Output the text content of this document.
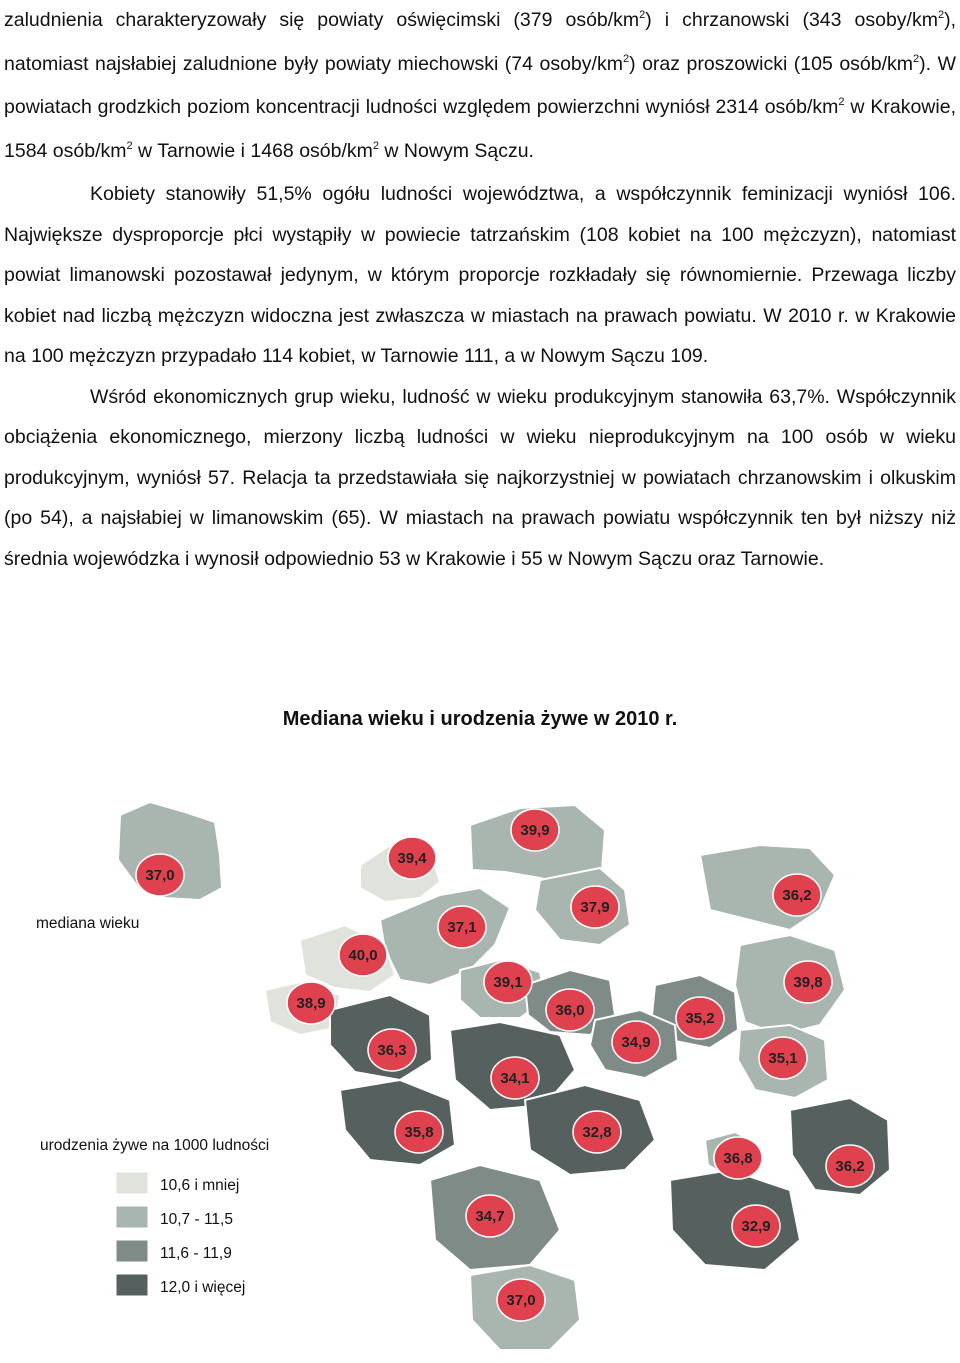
zaludnienia charakteryzowały się powiaty oświęcimski (379 osób/$km^2$) i chrzanowski (343 osoby/$km^2$), natomiast najsłabiej zaludnione były powiaty miechowski (74 osoby/$km^2$) oraz proszowicki (105 osób/$km^2$). W powiatach grodzkich poziom koncentracji ludności względem powierzchni wyniósł 2314 osób/$km^2$ w Krakowie, 1584 osób/$km^2$ w Tarnowie i 1468 osób/$km^2$ w Nowym Sączu.

Kobiety stanowiły 51,5% ogółu ludności województwa, a współczynnik feminizacji wyniósł 106. Największe dysproporcje płci wystąpiły w powiecie tatrzańskim (108 kobiet na 100 mężczyzn), natomiast powiat limanowski pozostawał jedynym, w którym proporcje rozkładały się równomiernie. Przewaga liczby kobiet nad liczbą mężczyzn widoczna jest zwłaszcza w miastach na prawach powiatu. W 2010 r. w Krakowie na 100 mężczyzn przypadało 114 kobiet, w Tarnowie 111, a w Nowym Sączu 109.

Wśród ekonomicznych grup wieku, ludność w wieku produkcyjnym stanowiła 63,7%. Współczynnik obciążenia ekonomicznego, mierzony liczbą ludności w wieku nieprodukcyjnym na 100 osób w wieku produkcyjnym, wyniósł 57. Relacja ta przedstawiała się najkorzystniej w powiatach chrzanowskim i olkuskim (po 54), a najsłabiej w limanowskim (65). W miastach na prawach powiatu współczynnik ten był niższy niż średnia wojewódzka i wynosił odpowiednio 53 w Krakowie i 55 w Nowym Sączu oraz Tarnowie.

Mediana wieku i urodzenia żywe w 2010 r.
37,0
39,9
39,4
37,1
37,9
36,2
40,0
39,1	39,8
38,9	36,0	35,2
36,3	34,9
34,1
35,1
35,8	32,8
36,8	36,2
34,7
32,9
37,0
mediana wieku
urodzenia żywe na 1000 ludności
10,6 i mniej
10,7 - 11,5
11,6 - 11,9
12,0 i więcej
